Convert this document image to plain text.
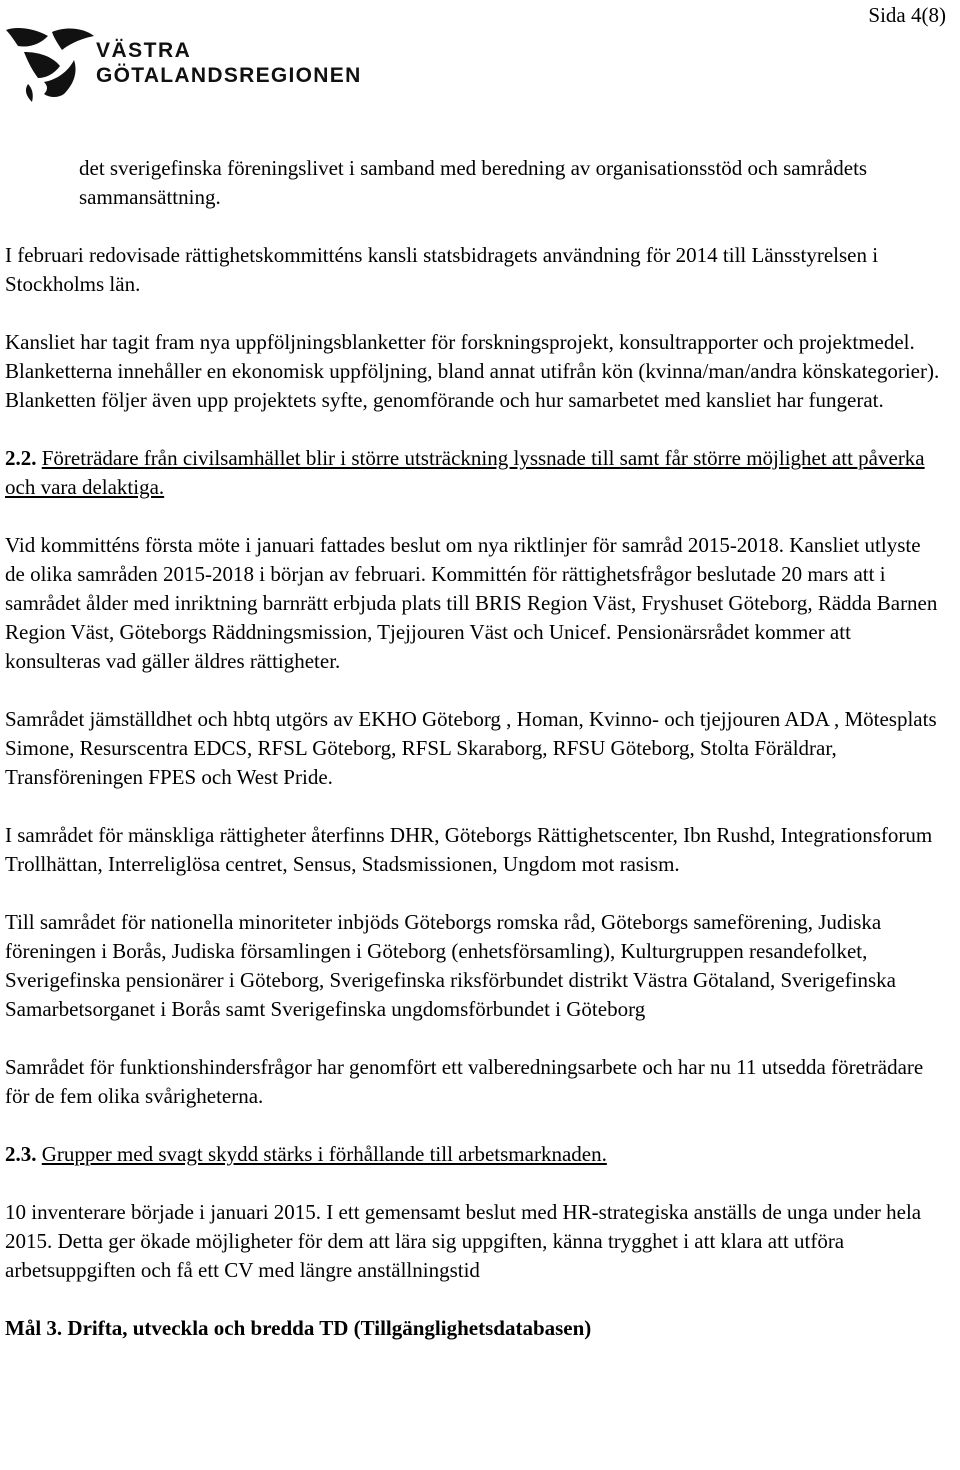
Sida 4(8)
VÄSTRA
GÖTALANDSREGIONEN

det sverigefinska föreningslivet i samband med beredning av organisationsstöd och samrådets sammansättning.

I februari redovisade rättighetskommitténs kansli statsbidragets användning för 2014 till Länsstyrelsen i Stockholms län.

Kansliet har tagit fram nya uppföljningsblanketter för forskningsprojekt, konsultrapporter och projektmedel. Blanketterna innehåller en ekonomisk uppföljning, bland annat utifrån kön (kvinna/man/andra könskategorier). Blanketten följer även upp projektets syfte, genomförande och hur samarbetet med kansliet har fungerat.

2.2. Företrädare från civilsamhället blir i större utsträckning lyssnade till samt får större möjlighet att påverka och vara delaktiga.

Vid kommitténs första möte i januari fattades beslut om nya riktlinjer för samråd 2015-2018. Kansliet utlyste de olika samråden 2015-2018 i början av februari. Kommittén för rättighetsfrågor beslutade 20 mars att i samrådet ålder med inriktning barnrätt erbjuda plats till BRIS Region Väst, Fryshuset Göteborg, Rädda Barnen Region Väst, Göteborgs Räddningsmission, Tjejjouren Väst och Unicef. Pensionärsrådet kommer att konsulteras vad gäller äldres rättigheter.

Samrådet jämställdhet och hbtq utgörs av EKHO Göteborg , Homan, Kvinno- och tjejjouren ADA , Mötesplats Simone, Resurscentra EDCS, RFSL Göteborg, RFSL Skaraborg, RFSU Göteborg, Stolta Föräldrar, Transföreningen FPES och West Pride.

I samrådet för mänskliga rättigheter återfinns DHR, Göteborgs Rättighetscenter, Ibn Rushd, Integrationsforum Trollhättan, Interreliglösa centret, Sensus, Stadsmissionen, Ungdom mot rasism.

Till samrådet för nationella minoriteter inbjöds Göteborgs romska råd, Göteborgs sameförening, Judiska föreningen i Borås, Judiska församlingen i Göteborg (enhetsförsamling), Kulturgruppen resandefolket, Sverigefinska pensionärer i Göteborg, Sverigefinska riksförbundet distrikt Västra Götaland, Sverigefinska Samarbetsorganet i Borås samt Sverigefinska ungdomsförbundet i Göteborg

Samrådet för funktionshindersfrågor har genomfört ett valberedningsarbete och har nu 11 utsedda företrädare för de fem olika svårigheterna.

2.3. Grupper med svagt skydd stärks i förhållande till arbetsmarknaden.

10 inventerare började i januari 2015. I ett gemensamt beslut med HR-strategiska anställs de unga under hela 2015. Detta ger ökade möjligheter för dem att lära sig uppgiften, känna trygghet i att klara att utföra arbetsuppgiften och få ett CV med längre anställningstid

Mål 3. Drifta, utveckla och bredda TD (Tillgänglighetsdatabasen)
